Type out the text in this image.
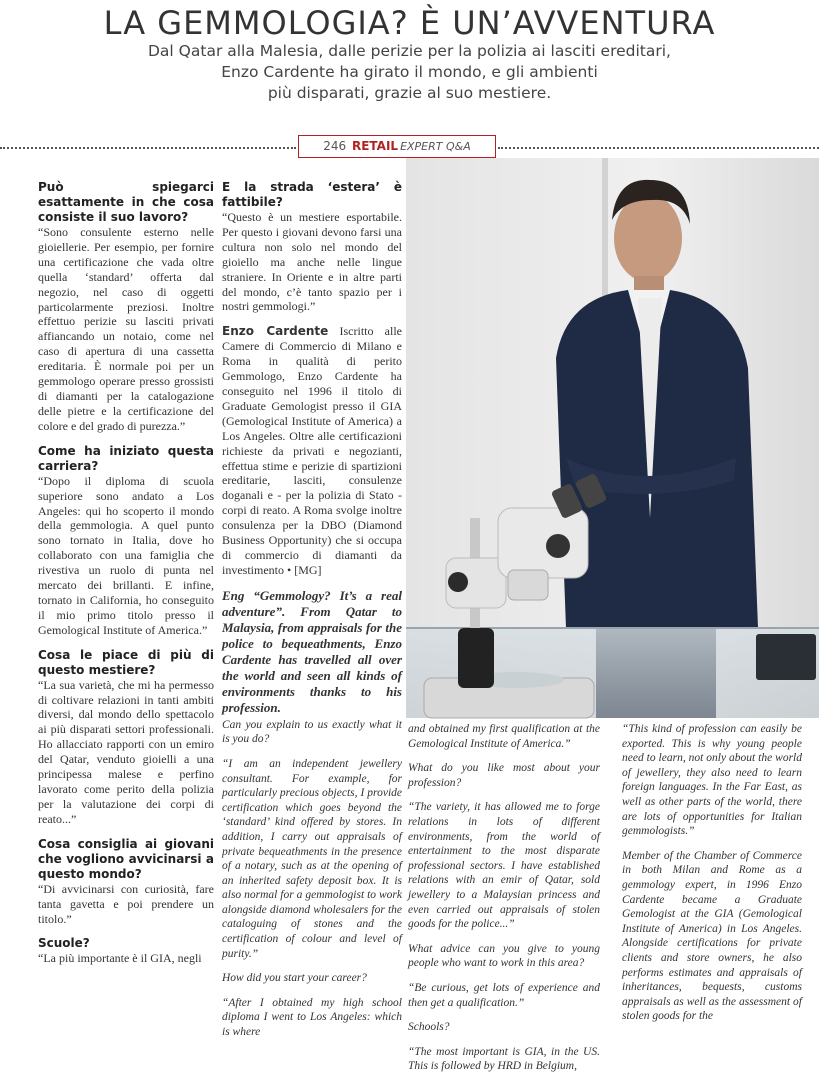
LA GEMMOLOGIA? È UN’AVVENTURA
Dal Qatar alla Malesia, dalle perizie per la polizia ai lasciti ereditari,
Enzo Cardente ha girato il mondo, e gli ambienti
più disparati, grazie al suo mestiere.
246 RETAIL EXPERT Q&A

Può spiegarci esattamente in che cosa consiste il suo lavoro?

“Sono consulente esterno nelle gioiellerie. Per esempio, per fornire una certificazione che vada oltre quella ‘standard’ offerta dal negozio, nel caso di oggetti particolarmente preziosi. Inoltre effettuo perizie su lasciti privati affiancando un notaio, come nel caso di apertura di una cassetta ereditaria. È normale poi per un gemmologo operare presso grossisti di diamanti per la catalogazione delle pietre e la certificazione del colore e del grado di purezza.”

Come ha iniziato questa carriera?

“Dopo il diploma di scuola superiore sono andato a Los Angeles: qui ho scoperto il mondo della gemmologia. A quel punto sono tornato in Italia, dove ho collaborato con una famiglia che rivestiva un ruolo di punta nel mercato dei brillanti. E infine, tornato in California, ho conseguito il mio primo titolo presso il Gemological Institute of America.”

Cosa le piace di più di questo mestiere?

“La sua varietà, che mi ha permesso di coltivare relazioni in tanti ambiti diversi, dal mondo dello spettacolo ai più disparati settori professionali. Ho allacciato rapporti con un emiro del Qatar, venduto gioielli a una principessa malese e perfino lavorato come perito della polizia per la valutazione dei corpi di reato...”

Cosa consiglia ai giovani che vogliono avvicinarsi a questo mondo?

“Di avvicinarsi con curiosità, fare tanta gavetta e poi prendere un titolo.”

Scuole?

“La più importante è il GIA, negli

E la strada ‘estera’ è fattibile?

“Questo è un mestiere esportabile. Per questo i giovani devono farsi una cultura non solo nel mondo del gioiello ma anche nelle lingue straniere. In Oriente e in altre parti del mondo, c’è tanto spazio per i nostri gemmologi.”

Enzo Cardente Iscritto alle Camere di Commercio di Milano e Roma in qualità di perito Gemmologo, Enzo Cardente ha conseguito nel 1996 il titolo di Graduate Gemologist presso il GIA (Gemological Institute of America) a Los Angeles. Oltre alle certificazioni richieste da privati e negozianti, effettua stime e perizie di spartizioni ereditarie, lasciti, consulenze doganali e - per la polizia di Stato - corpi di reato. A Roma svolge inoltre consulenza per la DBO (Diamond Business Opportunity) che si occupa di commercio di diamanti da investimento • [MG]

Eng “Gemmology? It’s a real adventure”. From Qatar to Malaysia, from appraisals for the police to bequeathments, Enzo Cardente has travelled all over the world and seen all kinds of environments thanks to his profession.

Can you explain to us exactly what it is you do?

“I am an independent jewellery consultant. For example, for particularly precious objects, I provide certification which goes beyond the ‘standard’ kind offered by stores. In addition, I carry out appraisals of private bequeathments in the presence of a notary, such as at the opening of an inherited safety deposit box. It is also normal for a gemmologist to work alongside diamond wholesalers for the cataloguing of stones and the certification of colour and level of purity.”

How did you start your career?

“After I obtained my high school diploma I went to Los Angeles: which is where

and obtained my first qualification at the Gemological Institute of America.”

What do you like most about your profession?

“The variety, it has allowed me to forge relations in lots of different environments, from the world of entertainment to the most disparate professional sectors. I have established relations with an emir of Qatar, sold jewellery to a Malaysian princess and even carried out appraisals of stolen goods for the police...”

What advice can you give to young people who want to work in this area?

“Be curious, get lots of experience and then get a qualification.”

Schools?

“The most important is GIA, in the US. This is followed by HRD in Belgium,

“This kind of profession can easily be exported. This is why young people need to learn, not only about the world of jewellery, they also need to learn foreign languages. In the Far East, as well as other parts of the world, there are lots of opportunities for Italian gemmologists.”

Member of the Chamber of Commerce in both Milan and Rome as a gemmology expert, in 1996 Enzo Cardente became a Graduate Gemologist at the GIA (Gemological Institute of America) in Los Angeles. Alongside certifications for private clients and store owners, he also performs estimates and appraisals of inheritances, bequests, customs appraisals as well as the assessment of stolen goods for the
